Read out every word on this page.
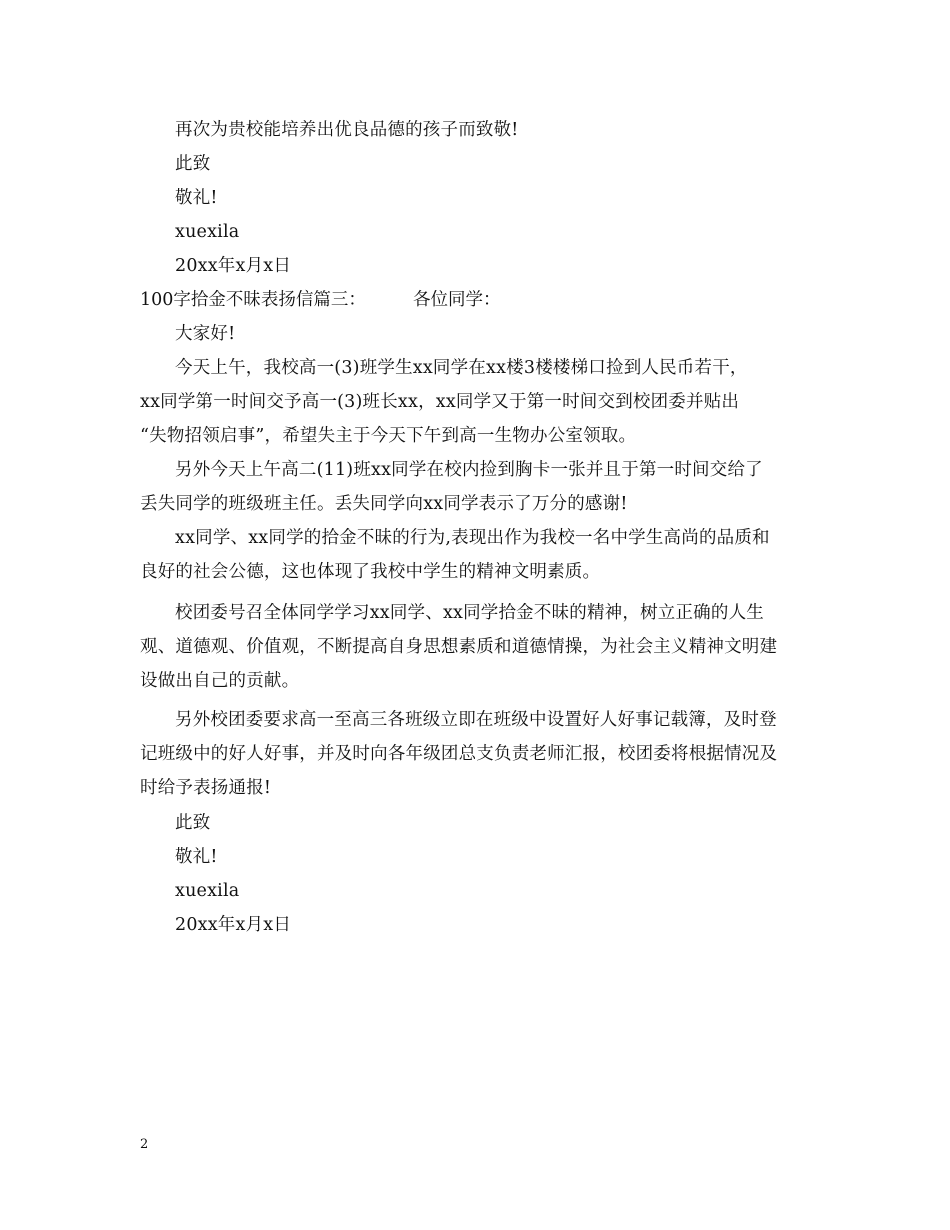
再次为贵校能培养出优良品德的孩子而致敬!
此致
敬礼!
xuexila
20xx年x月x日
100字拾金不昧表扬信篇三：	各位同学：
大家好!
今天上午，我校高一(3)班学生xx同学在xx楼3楼楼梯口捡到人民币若干，
xx同学第一时间交予高一(3)班长xx，xx同学又于第一时间交到校团委并贴出
“失物招领启事”，希望失主于今天下午到高一生物办公室领取。
另外今天上午高二(11)班xx同学在校内捡到胸卡一张并且于第一时间交给了
丢失同学的班级班主任。丢失同学向xx同学表示了万分的感谢!
xx同学、xx同学的拾金不昧的行为,表现出作为我校一名中学生高尚的品质和
良好的社会公德，这也体现了我校中学生的精神文明素质。
校团委号召全体同学学习xx同学、xx同学拾金不昧的精神，树立正确的人生
观、道德观、价值观，不断提高自身思想素质和道德情操，为社会主义精神文明建
设做出自己的贡献。
另外校团委要求高一至高三各班级立即在班级中设置好人好事记载簿，及时登
记班级中的好人好事，并及时向各年级团总支负责老师汇报，校团委将根据情况及
时给予表扬通报!
此致
敬礼!
xuexila
20xx年x月x日
2
